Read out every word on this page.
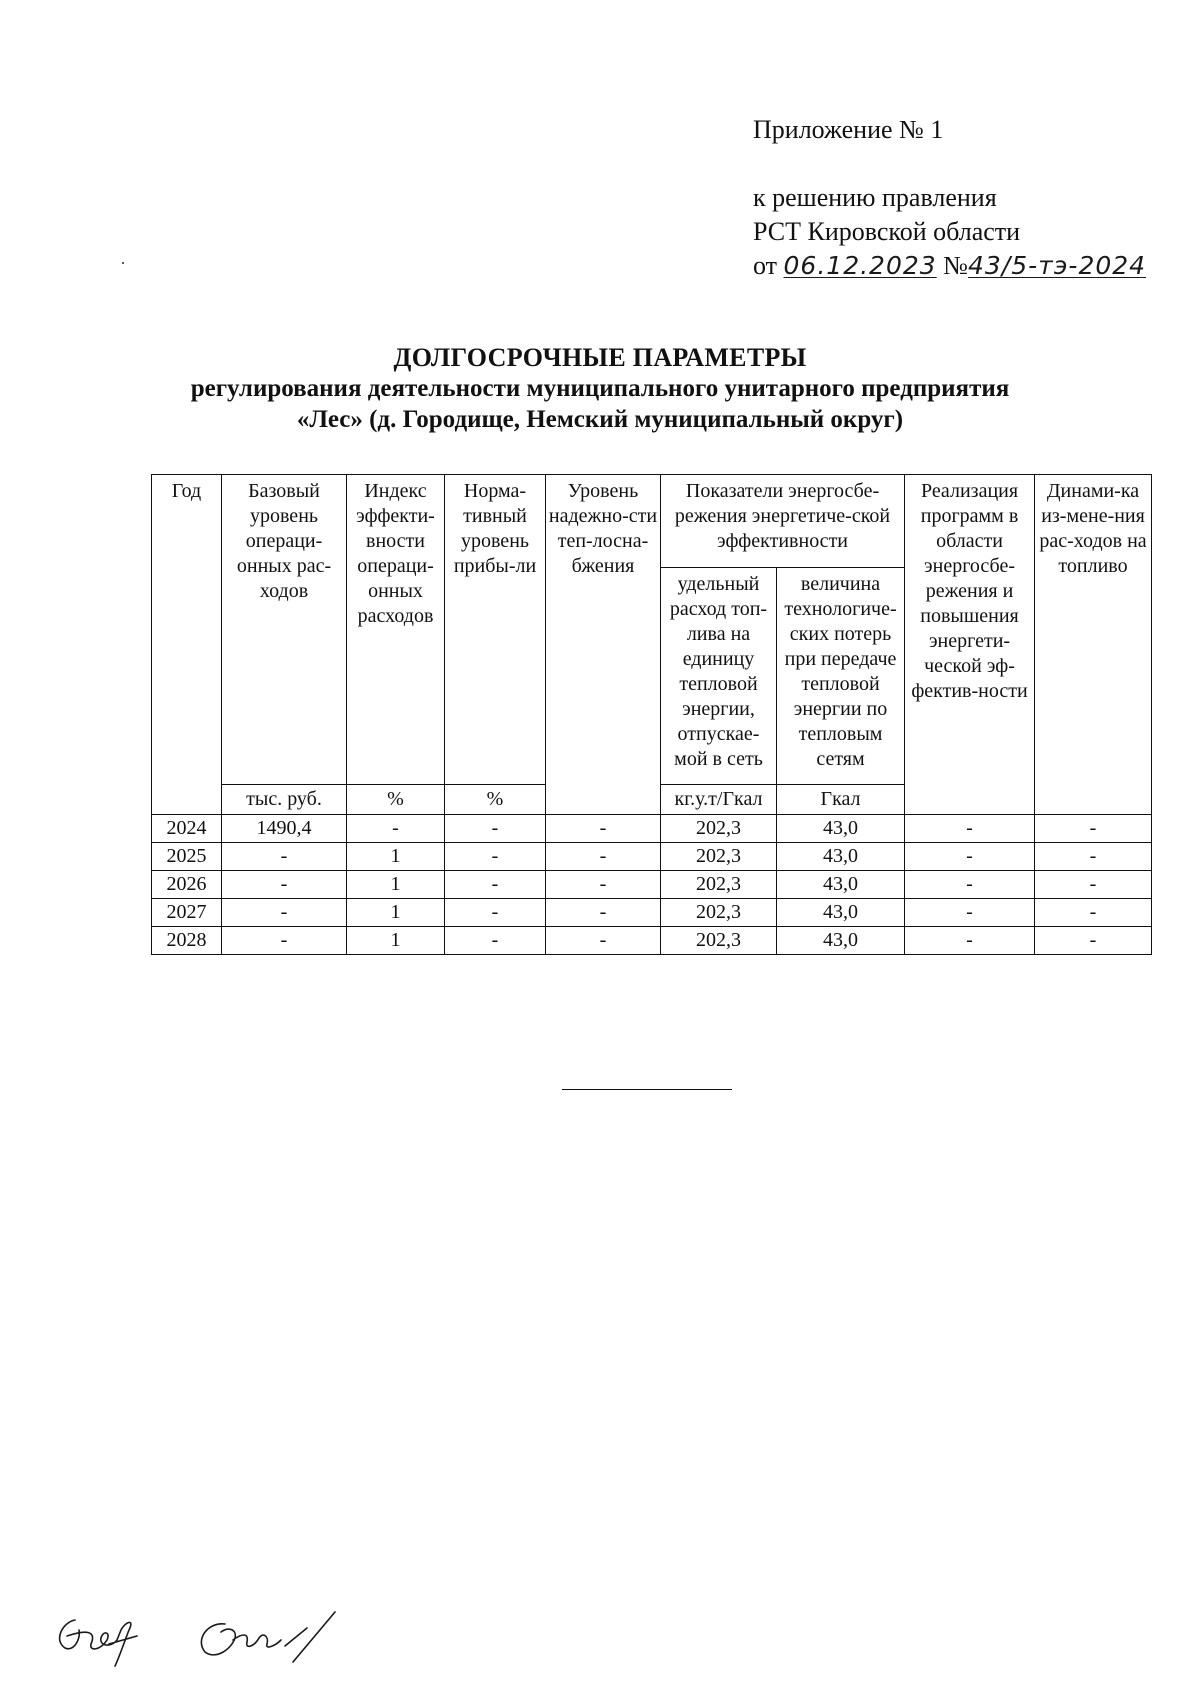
Приложение № 1
к решению правления
РСТ Кировской области
от 06.12.2023 №43/5-тэ-2024
ДОЛГОСРОЧНЫЕ ПАРАМЕТРЫ
регулирования деятельности муниципального унитарного предприятия
«Лес» (д. Городище, Немский муниципальный округ)
Год	Базовый уровень операци-онных рас-ходов	Индекс эффекти-вности операци-онных расходов	Норма-тивный уровень прибы-ли	Уровень надежно-сти теп-лосна-бжения	Показатели энергосбе-режения энергетиче-ской эффективности		Реализация программ в области энергосбе-режения и повышения энергети-ческой эф-фектив-ности	Динами-ка из-мене-ния рас-ходов на топливо
					удельный расход топ-лива на единицу тепловой энергии, отпускае-мой в сеть	величина технологиче-ских потерь при передаче тепловой энергии по тепловым сетям		
	тыс. руб.	%	%		кг.у.т/Гкал	Гкал		
2024	1490,4	-	-	-	202,3	43,0	-	-
2025	-	1	-	-	202,3	43,0	-	-
2026	-	1	-	-	202,3	43,0	-	-
2027	-	1	-	-	202,3	43,0	-	-
2028	-	1	-	-	202,3	43,0	-	-
